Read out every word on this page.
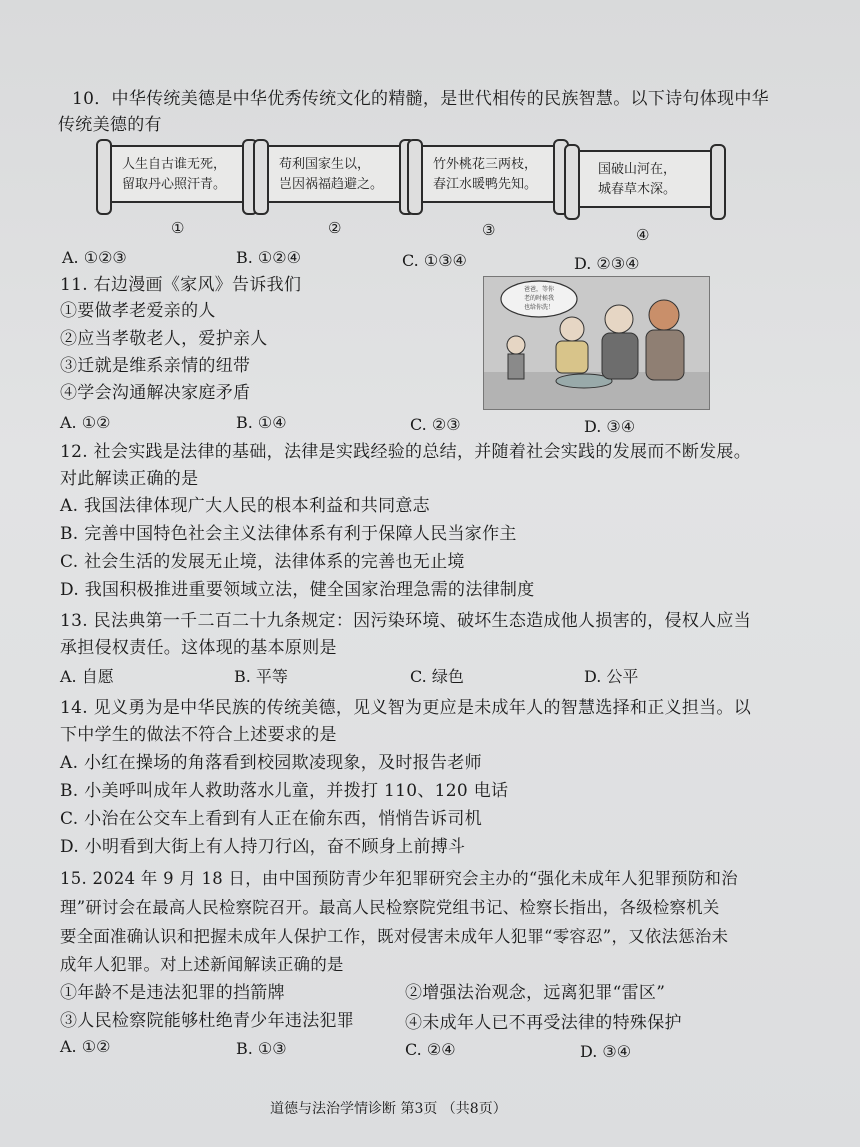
10．中华传统美德是中华优秀传统文化的精髓，是世代相传的民族智慧。以下诗句体现中华
传统美德的有
人生自古谁无死，
留取丹心照汗青。
苟利国家生以，
岂因祸福趋避之。
竹外桃花三两枝，
春江水暖鸭先知。
国破山河在，
城春草木深。
①	②	③	④
A. ①②③	B. ①②④	C. ①③④	D. ②③④
11. 右边漫画《家风》告诉我们
①要做孝老爱亲的人
②应当孝敬老人，爱护亲人
③迁就是维系亲情的纽带
④学会沟通解决家庭矛盾
爸爸，等你
老的时候我
也给你洗！
A. ①②	B. ①④	C. ②③	D. ③④
12. 社会实践是法律的基础，法律是实践经验的总结，并随着社会实践的发展而不断发展。
对此解读正确的是
A. 我国法律体现广大人民的根本利益和共同意志
B. 完善中国特色社会主义法律体系有利于保障人民当家作主
C. 社会生活的发展无止境，法律体系的完善也无止境
D. 我国积极推进重要领域立法，健全国家治理急需的法律制度
13. 民法典第一千二百二十九条规定：因污染环境、破坏生态造成他人损害的，侵权人应当
承担侵权责任。这体现的基本原则是
A. 自愿	B. 平等	C. 绿色	D. 公平
14. 见义勇为是中华民族的传统美德，见义智为更应是未成年人的智慧选择和正义担当。以
下中学生的做法不符合上述要求的是
A. 小红在操场的角落看到校园欺凌现象，及时报告老师
B. 小美呼叫成年人救助落水儿童，并拨打 110、120 电话
C. 小治在公交车上看到有人正在偷东西，悄悄告诉司机
D. 小明看到大街上有人持刀行凶，奋不顾身上前搏斗
15. 2024 年 9 月 18 日，由中国预防青少年犯罪研究会主办的“强化未成年人犯罪预防和治
理”研讨会在最高人民检察院召开。最高人民检察院党组书记、检察长指出，各级检察机关
要全面准确认识和把握未成年人保护工作，既对侵害未成年人犯罪“零容忍”，又依法惩治未
成年人犯罪。对上述新闻解读正确的是
①年龄不是违法犯罪的挡箭牌	②增强法治观念，远离犯罪“雷区”
③人民检察院能够杜绝青少年违法犯罪	④未成年人已不再受法律的特殊保护
A. ①②	B. ①③	C. ②④	D. ③④
道德与法治学情诊断 第3页 （共8页）
